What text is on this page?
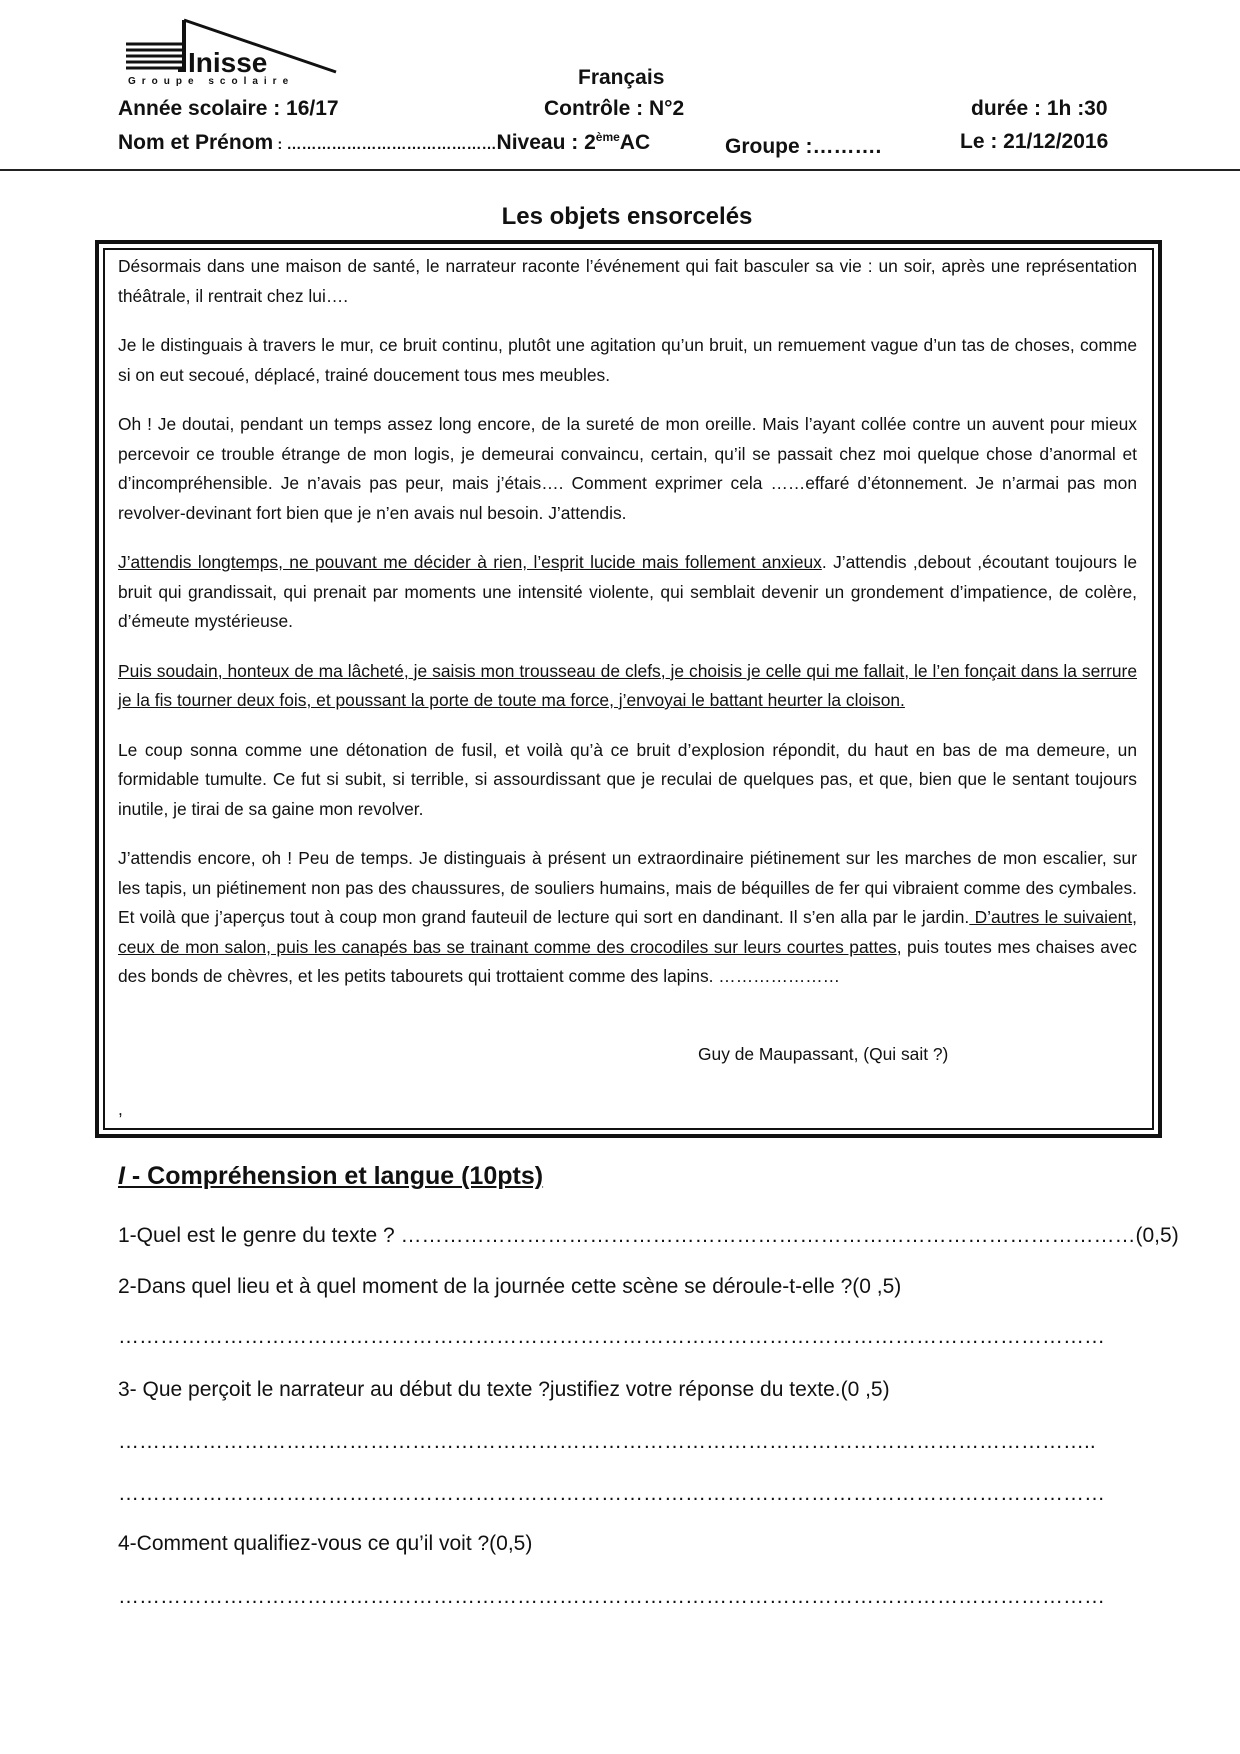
Inisse
Groupe scolaire	Français
Année scolaire : 16/17	Contrôle : N°2	durée : 1h :30
Nom et Prénom : ……………………………………Niveau : 2èmeAC	Groupe :……….	Le : 21/12/2016
Les objets ensorcelés

Désormais dans une maison de santé, le narrateur raconte l’événement qui fait basculer sa vie : un soir, après une représentation théâtrale, il rentrait chez lui….

Je le distinguais à travers le mur, ce bruit continu, plutôt une agitation qu’un bruit, un remuement vague d’un tas de choses, comme si on eut secoué, déplacé, trainé doucement tous mes meubles.

Oh ! Je doutai, pendant un temps assez long encore, de la sureté de mon oreille. Mais l’ayant collée contre un auvent pour mieux percevoir ce trouble étrange de mon logis, je demeurai convaincu, certain, qu’il se passait chez moi quelque chose d’anormal et d’incompréhensible. Je n’avais pas peur, mais j’étais…. Comment exprimer cela ……effaré d’étonnement. Je n’armai pas mon revolver-devinant fort bien que je n’en avais nul besoin. J’attendis.

J’attendis longtemps, ne pouvant me décider à rien, l’esprit lucide mais follement anxieux. J’attendis ,debout ,écoutant toujours le bruit qui grandissait, qui prenait par moments une intensité violente, qui semblait devenir un grondement d’impatience, de colère, d’émeute mystérieuse.

Puis soudain, honteux de ma lâcheté, je saisis mon trousseau de clefs, je choisis je celle qui me fallait, le l’en fonçait dans la serrure je la fis tourner deux fois, et poussant la porte de toute ma force, j’envoyai le battant heurter la cloison.

Le coup sonna comme une détonation de fusil, et voilà qu’à ce bruit d’explosion répondit, du haut en bas de ma demeure, un formidable tumulte. Ce fut si subit, si terrible, si assourdissant que je reculai de quelques pas, et que, bien que le sentant toujours inutile, je tirai de sa gaine mon revolver.

J’attendis encore, oh ! Peu de temps. Je distinguais à présent un extraordinaire piétinement sur les marches de mon escalier, sur les tapis, un piétinement non pas des chaussures, de souliers humains, mais de béquilles de fer qui vibraient comme des cymbales. Et voilà que j’aperçus tout à coup mon grand fauteuil de lecture qui sort en dandinant. Il s’en alla par le jardin. D’autres le suivaient, ceux de mon salon, puis les canapés bas se trainant comme des crocodiles sur leurs courtes pattes, puis toutes mes chaises avec des bonds de chèvres, et les petits tabourets qui trottaient comme des lapins. …………………

Guy de Maupassant, (Qui sait ?)
,
I - Compréhension et langue (10pts)
1-Quel est le genre du texte ? ……………………………………………………………………………………………(0,5)
2-Dans quel lieu et à quel moment de la journée cette scène se déroule-t-elle ?(0 ,5)
……………………………………………………………………………………………………………………………
3- Que perçoit le narrateur au début du texte ?justifiez votre réponse du texte.(0 ,5)
…………………………………………………………………………………………………………………………..
……………………………………………………………………………………………………………………………
4-Comment qualifiez-vous ce qu’il voit ?(0,5)
……………………………………………………………………………………………………………………………
